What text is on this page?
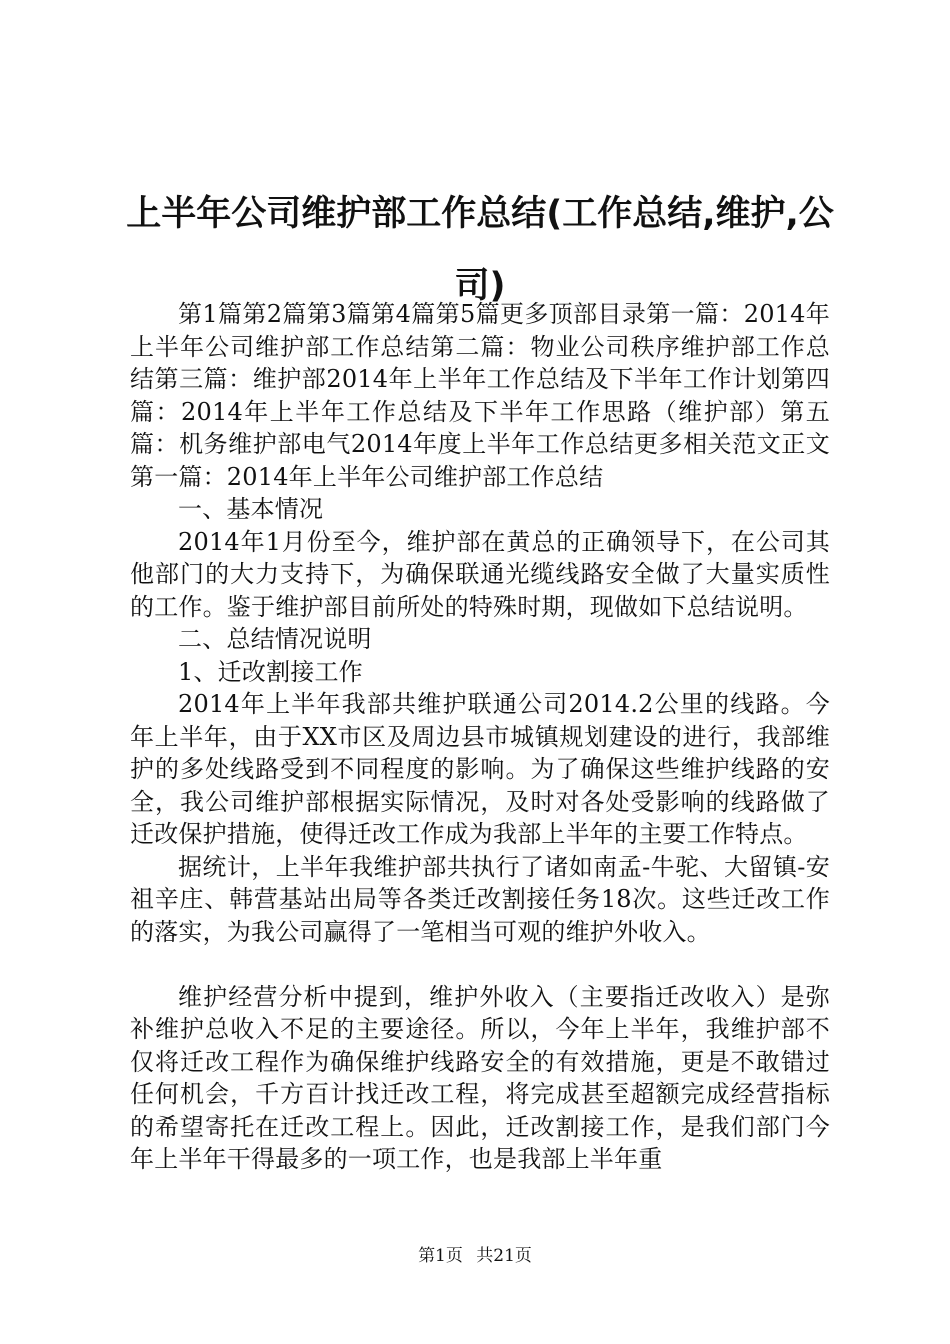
上半年公司维护部工作总结(工作总结,维护,公司)

第1篇第2篇第3篇第4篇第5篇更多顶部目录第一篇：2014年上半年公司维护部工作总结第二篇：物业公司秩序维护部工作总结第三篇：维护部2014年上半年工作总结及下半年工作计划第四篇：2014年上半年工作总结及下半年工作思路（维护部）第五篇：机务维护部电气2014年度上半年工作总结更多相关范文正文第一篇：2014年上半年公司维护部工作总结

一、基本情况

2014年1月份至今，维护部在黄总的正确领导下，在公司其他部门的大力支持下，为确保联通光缆线路安全做了大量实质性的工作。鉴于维护部目前所处的特殊时期，现做如下总结说明。

二、总结情况说明

1、迁改割接工作

2014年上半年我部共维护联通公司2014.2公里的线路。今年上半年，由于XX市区及周边县市城镇规划建设的进行，我部维护的多处线路受到不同程度的影响。为了确保这些维护线路的安全，我公司维护部根据实际情况，及时对各处受影响的线路做了迁改保护措施，使得迁改工作成为我部上半年的主要工作特点。

据统计，上半年我维护部共执行了诸如南孟-牛驼、大留镇-安祖辛庄、韩营基站出局等各类迁改割接任务18次。这些迁改工作的落实，为我公司赢得了一笔相当可观的维护外收入。

维护经营分析中提到，维护外收入（主要指迁改收入）是弥补维护总收入不足的主要途径。所以，今年上半年，我维护部不仅将迁改工程作为确保维护线路安全的有效措施，更是不敢错过任何机会，千方百计找迁改工程，将完成甚至超额完成经营指标的希望寄托在迁改工程上。因此，迁改割接工作，是我们部门今年上半年干得最多的一项工作，也是我部上半年重

第1页 共21页
